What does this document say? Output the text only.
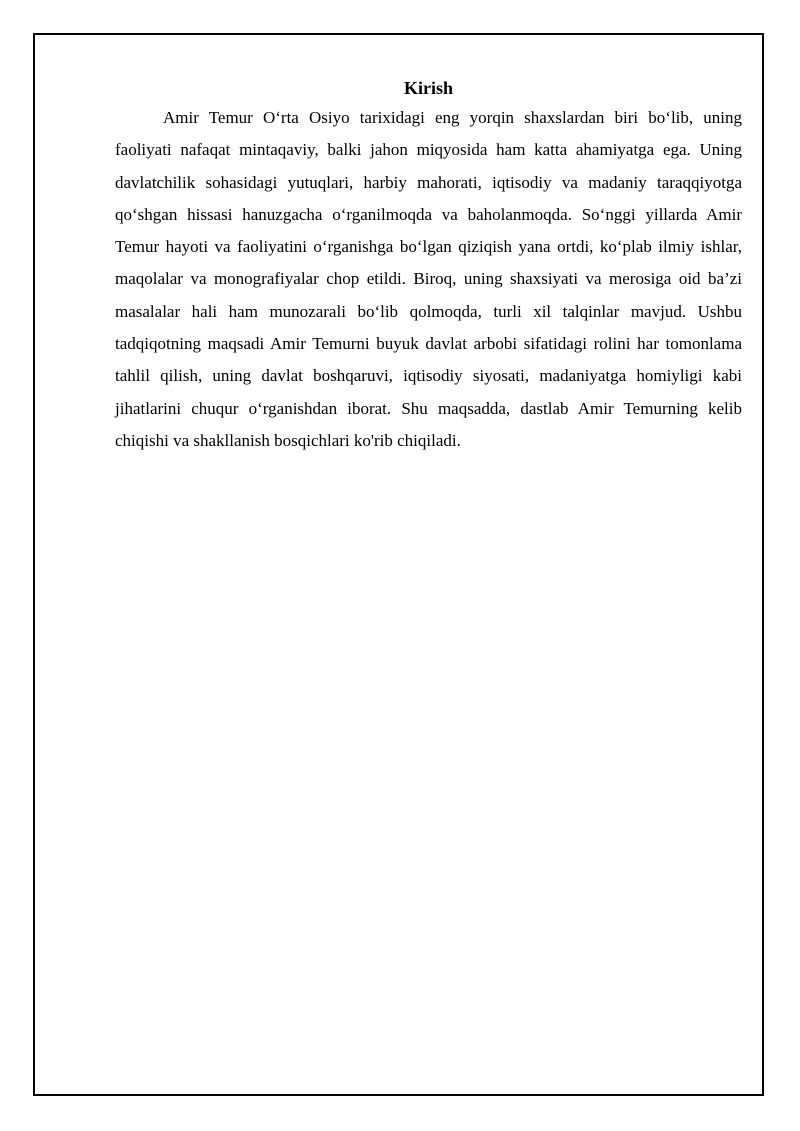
Kirish

Amir Temur O‘rta Osiyo tarixidagi eng yorqin shaxslardan biri bo‘lib, uning faoliyati nafaqat mintaqaviy, balki jahon miqyosida ham katta ahamiyatga ega. Uning davlatchilik sohasidagi yutuqlari, harbiy mahorati, iqtisodiy va madaniy taraqqiyotga qo‘shgan hissasi hanuzgacha o‘rganilmoqda va baholanmoqda. So‘nggi yillarda Amir Temur hayoti va faoliyatini o‘rganishga bo‘lgan qiziqish yana ortdi, ko‘plab ilmiy ishlar, maqolalar va monografiyalar chop etildi. Biroq, uning shaxsiyati va merosiga oid ba’zi masalalar hali ham munozarali bo‘lib qolmoqda, turli xil talqinlar mavjud. Ushbu tadqiqotning maqsadi Amir Temurni buyuk davlat arbobi sifatidagi rolini har tomonlama tahlil qilish, uning davlat boshqaruvi, iqtisodiy siyosati, madaniyatga homiyligi kabi jihatlarini chuqur o‘rganishdan iborat. Shu maqsadda, dastlab Amir Temurning kelib chiqishi va shakllanish bosqichlari ko'rib chiqiladi.
